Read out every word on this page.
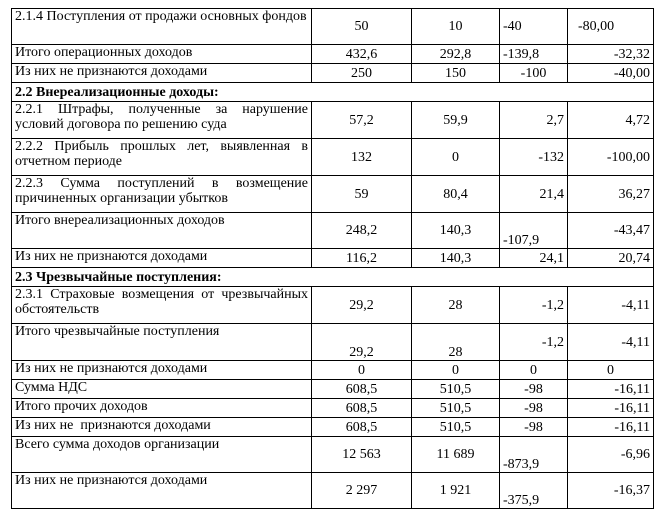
2.1.4 Поступления от продажи основных фондов	50	10	-40	-80,00
Итого операционных доходов	432,6	292,8	-139,8	-32,32
Из них не признаются доходами	250	150	-100	-40,00
2.2 Внереализационные доходы:				
2.2.1 Штрафы, полученные за нарушение условий договора по решению суда	57,2	59,9	2,7	4,72
2.2.2 Прибыль прошлых лет, выявленная в отчетном периоде	132	0	-132	-100,00
2.2.3 Сумма поступлений в возмещение причиненных организации убытков	59	80,4	21,4	36,27
Итого внереализационных доходов	248,2	140,3	-107,9	-43,47
Из них не признаются доходами	116,2	140,3	24,1	20,74
2.3 Чрезвычайные поступления:				
2.3.1 Страховые возмещения от чрезвычайных обстоятельств	29,2	28	-1,2	-4,11
Итого чрезвычайные поступления	29,2	28	-1,2	-4,11
Из них не признаются доходами	0	0	0	0
Сумма НДС	608,5	510,5	-98	-16,11
Итого прочих доходов	608,5	510,5	-98	-16,11
Из них не  признаются доходами	608,5	510,5	-98	-16,11
Всего сумма доходов организации	12 563	11 689	-873,9	-6,96
Из них не признаются доходами	2 297	1 921	-375,9	-16,37
